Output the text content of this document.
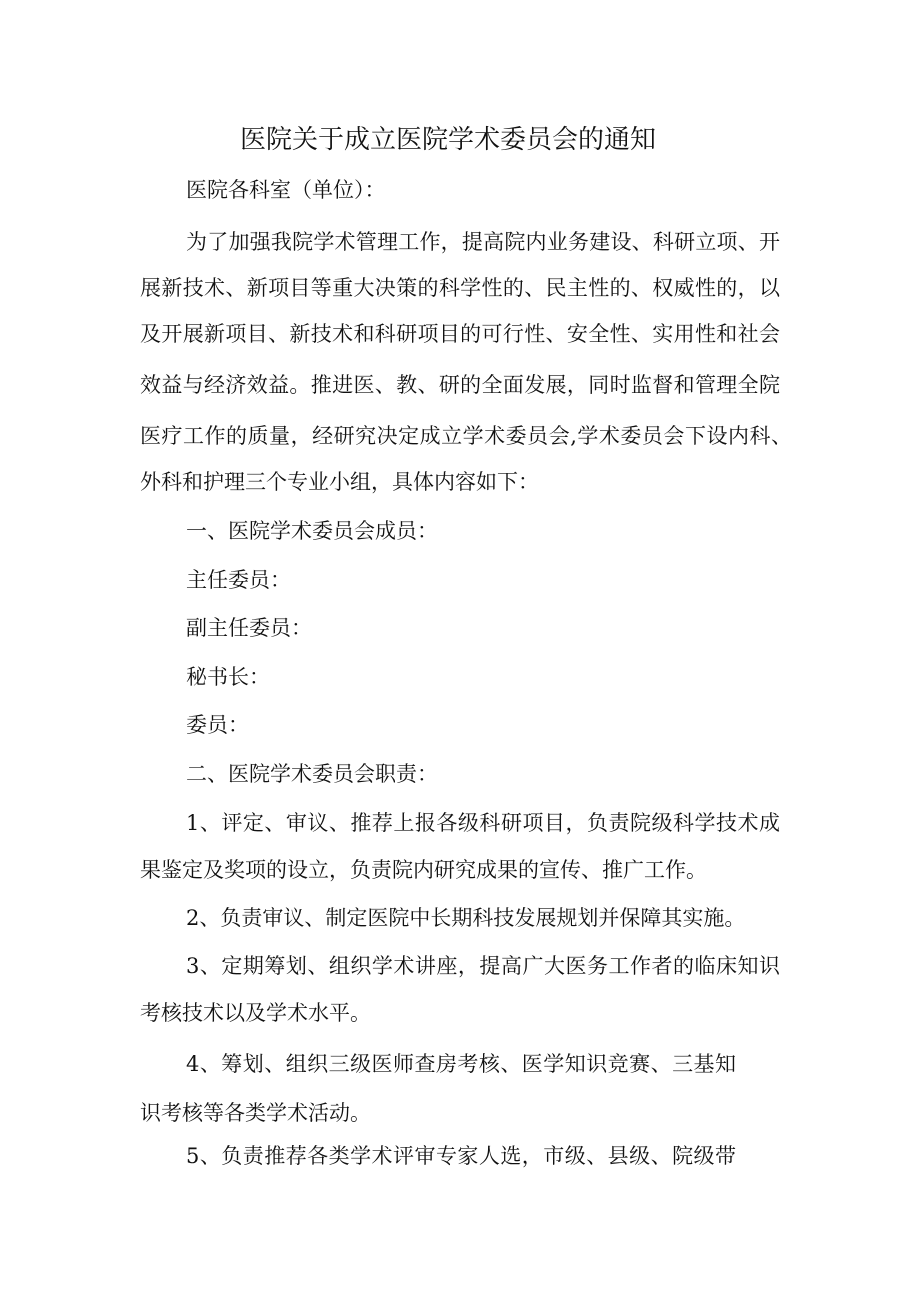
医院关于成立医院学术委员会的通知
医院各科室（单位）：
为了加强我院学术管理工作，提高院内业务建设、科研立项、开
展新技术、新项目等重大决策的科学性的、民主性的、权威性的，以
及开展新项目、新技术和科研项目的可行性、安全性、实用性和社会
效益与经济效益。推进医、教、研的全面发展，同时监督和管理全院
医疗工作的质量，经研究决定成立学术委员会,学术委员会下设内科、
外科和护理三个专业小组，具体内容如下：
一、医院学术委员会成员：
主任委员：
副主任委员：
秘书长：
委员：
二、医院学术委员会职责：
1、评定、审议、推荐上报各级科研项目，负责院级科学技术成
果鉴定及奖项的设立，负责院内研究成果的宣传、推广工作。
2、负责审议、制定医院中长期科技发展规划并保障其实施。
3、定期筹划、组织学术讲座，提高广大医务工作者的临床知识
考核技术以及学术水平。
4、筹划、组织三级医师查房考核、医学知识竞赛、三基知
识考核等各类学术活动。
5、负责推荐各类学术评审专家人选，市级、县级、院级带
